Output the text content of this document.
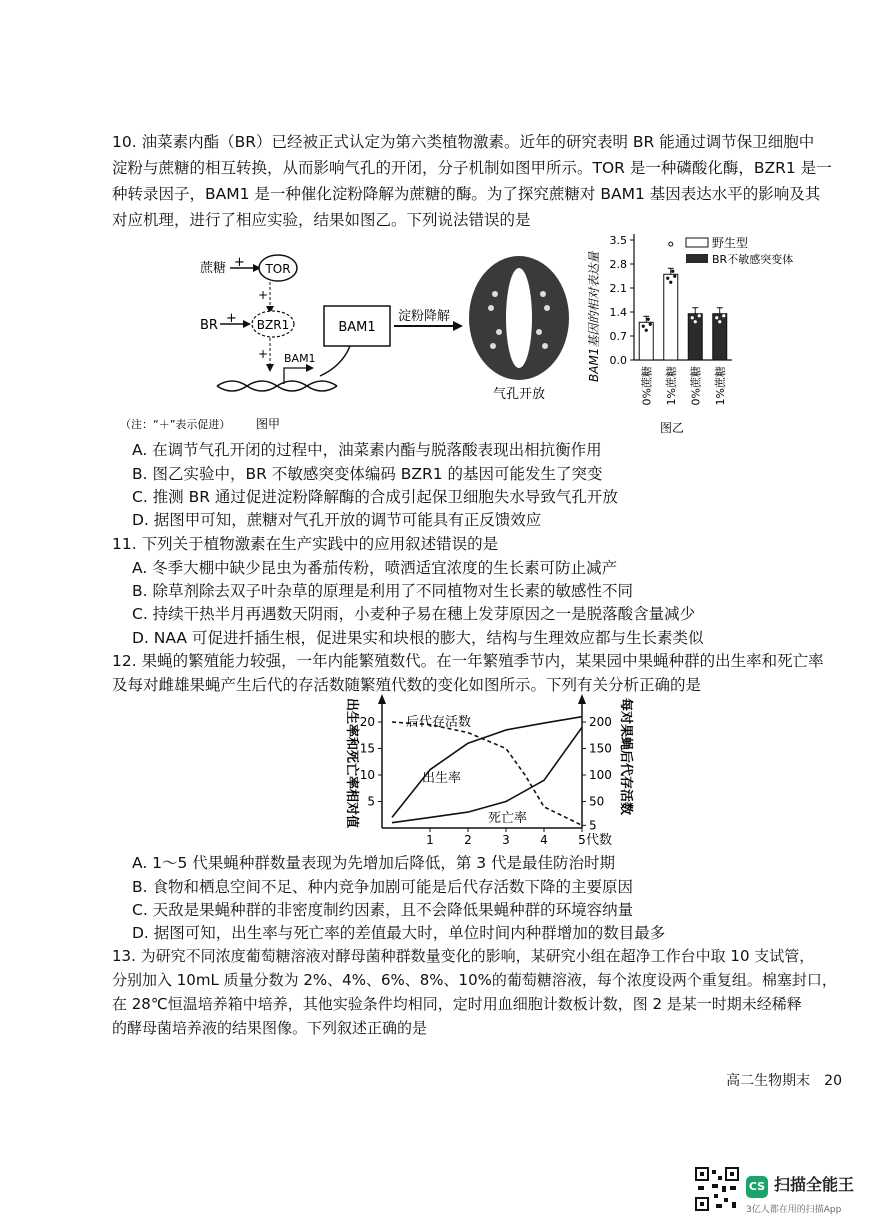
10. 油菜素内酯（BR）已经被正式认定为第六类植物激素。近年的研究表明 BR 能通过调节保卫细胞中
淀粉与蔗糖的相互转换，从而影响气孔的开闭，分子机制如图甲所示。TOR 是一种磷酸化酶，BZR1 是一
种转录因子，BAM1 是一种催化淀粉降解为蔗糖的酶。为了探究蔗糖对 BAM1 基因表达水平的影响及其
对应机理，进行了相应实验，结果如图乙。下列说法错误的是
蔗糖 + TOR
+
BR + BZR1
+
BAM1
BAM1
淀粉降解
气孔开放
（注：“＋”表示促进） 图甲
BAM1基因的相对表达量 0.0
0.7
1.4
2.1
2.8
3.5
0%蔗糖 1%蔗糖 0%蔗糖 1%蔗糖
野生型
BR不敏感突变体
图乙
A. 在调节气孔开闭的过程中，油菜素内酯与脱落酸表现出相抗衡作用
B. 图乙实验中，BR 不敏感突变体编码 BZR1 的基因可能发生了突变
C. 推测 BR 通过促进淀粉降解酶的合成引起保卫细胞失水导致气孔开放
D. 据图甲可知，蔗糖对气孔开放的调节可能具有正反馈效应
11. 下列关于植物激素在生产实践中的应用叙述错误的是
A. 冬季大棚中缺少昆虫为番茄传粉，喷洒适宜浓度的生长素可防止减产
B. 除草剂除去双子叶杂草的原理是利用了不同植物对生长素的敏感性不同
C. 持续干热半月再遇数天阴雨，小麦种子易在穗上发芽原因之一是脱落酸含量减少
D. NAA 可促进扦插生根，促进果实和块根的膨大，结构与生理效应都与生长素类似
12. 果蝇的繁殖能力较强，一年内能繁殖数代。在一年繁殖季节内，某果园中果蝇种群的出生率和死亡率
及每对雌雄果蝇产生后代的存活数随繁殖代数的变化如图所示。下列有关分析正确的是
出生率和死亡率相对值	每对果蝇后代存活数
1	2	3	4	5
5
10
15
20
5
50
100
150
200
后代存活数
出生率
死亡率
代数
A. 1～5 代果蝇种群数量表现为先增加后降低，第 3 代是最佳防治时期
B. 食物和栖息空间不足、种内竞争加剧可能是后代存活数下降的主要原因
C. 天敌是果蝇种群的非密度制约因素，且不会降低果蝇种群的环境容纳量
D. 据图可知，出生率与死亡率的差值最大时，单位时间内种群增加的数目最多
13. 为研究不同浓度葡萄糖溶液对酵母菌种群数量变化的影响，某研究小组在超净工作台中取 10 支试管，
分别加入 10mL 质量分数为 2%、4%、6%、8%、10%的葡萄糖溶液，每个浓度设两个重复组。棉塞封口，
在 28℃恒温培养箱中培养，其他实验条件均相同，定时用血细胞计数板计数，图 2 是某一时期未经稀释
的酵母菌培养液的结果图像。下列叙述正确的是
高二生物期末　20
CS 扫描全能王
3亿人都在用的扫描App
